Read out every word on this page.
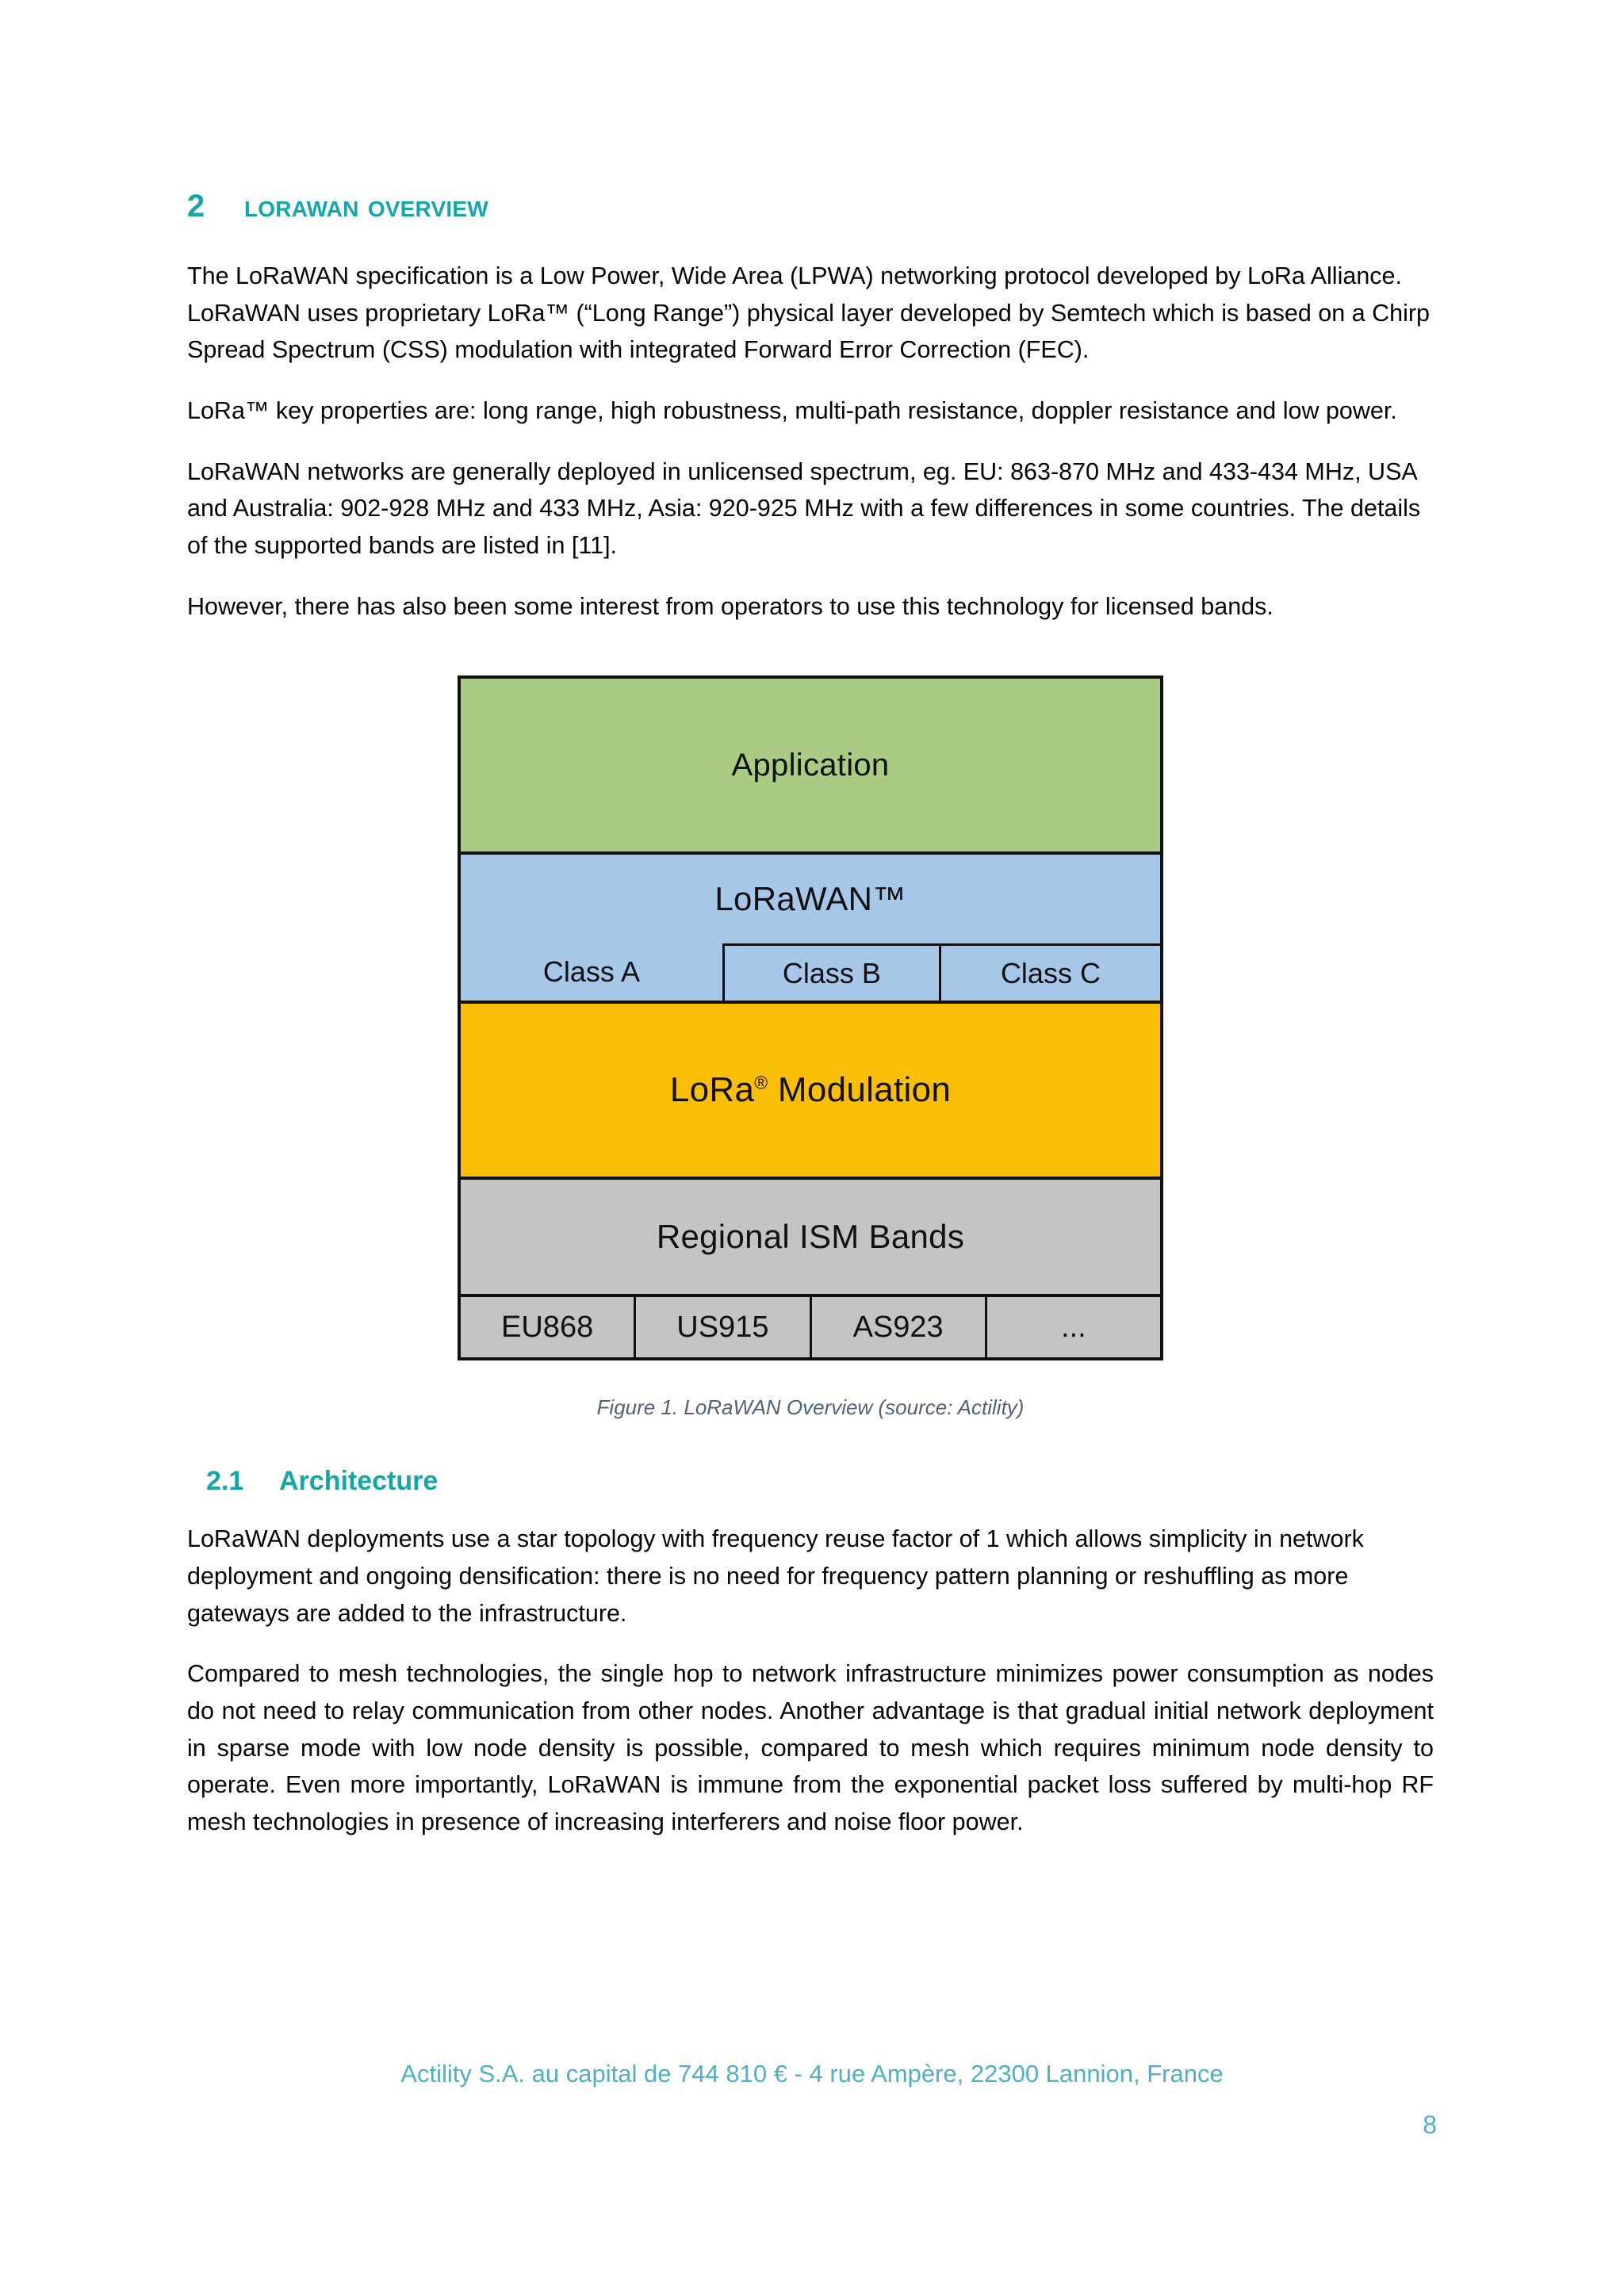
2	lorawan overview

The LoRaWAN specification is a Low Power, Wide Area (LPWA) networking protocol developed by LoRa Alliance. LoRaWAN uses proprietary LoRa™ (“Long Range”) physical layer developed by Semtech which is based on a Chirp Spread Spectrum (CSS) modulation with integrated Forward Error Correction (FEC).

LoRa™ key properties are: long range, high robustness, multi-path resistance, doppler resistance and low power.

LoRaWAN networks are generally deployed in unlicensed spectrum, eg. EU: 863-870 MHz and 433-434 MHz, USA and Australia: 902-928 MHz and 433 MHz, Asia: 920-925 MHz with a few differences in some countries. The details of the supported bands are listed in [11].

However, there has also been some interest from operators to use this technology for licensed bands.

Application
LoRaWAN™
Class A	Class B	Class C
LoRa® Modulation
Regional ISM Bands
EU868	US915	AS923	...
Figure 1. LoRaWAN Overview (source: Actility)
2.1	Architecture

LoRaWAN deployments use a star topology with frequency reuse factor of 1 which allows simplicity in network deployment and ongoing densification: there is no need for frequency pattern planning or reshuffling as more gateways are added to the infrastructure.

Compared to mesh technologies, the single hop to network infrastructure minimizes power consumption as nodes do not need to relay communication from other nodes. Another advantage is that gradual initial network deployment in sparse mode with low node density is possible, compared to mesh which requires minimum node density to operate. Even more importantly, LoRaWAN is immune from the exponential packet loss suffered by multi-hop RF mesh technologies in presence of increasing interferers and noise floor power.

Actility S.A. au capital de 744 810 € - 4 rue Ampère, 22300 Lannion, France
8
